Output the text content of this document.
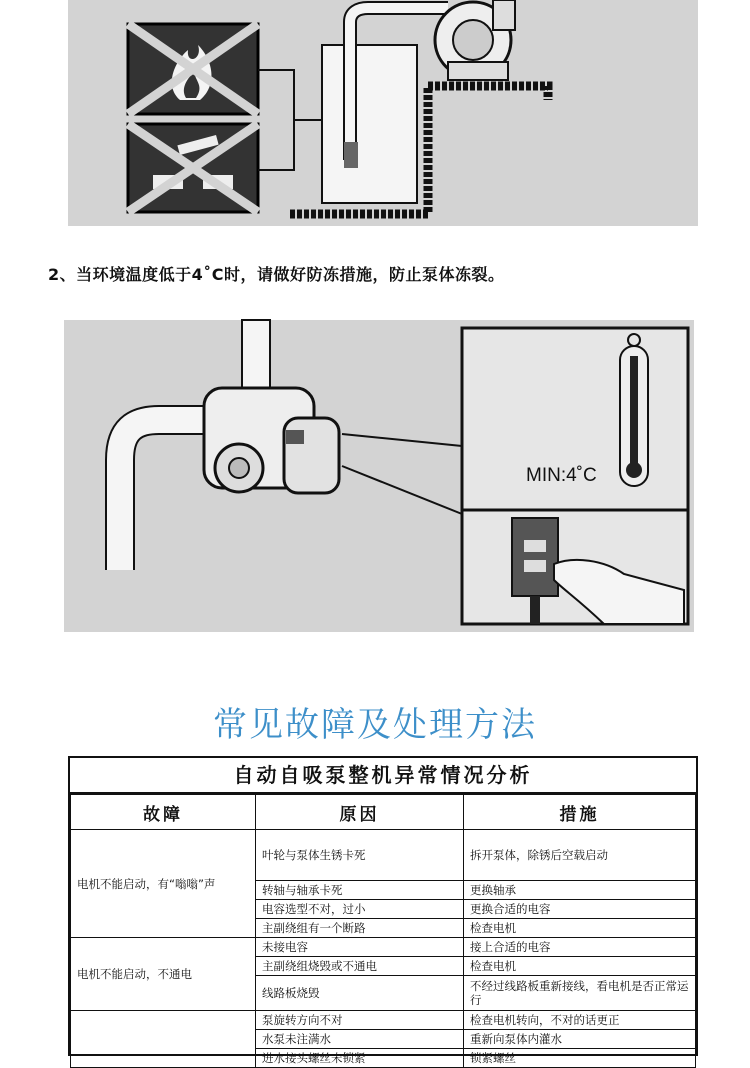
2、当环境温度低于4˚C时，请做好防冻措施，防止泵体冻裂。
MIN:4˚C
常见故障及处理方法
自动自吸泵整机异常情况分析
故障	原因	措施
电机不能启动，有“嗡嗡”声	叶轮与泵体生锈卡死	拆开泵体，除锈后空载启动
	转轴与轴承卡死	更换轴承
	电容选型不对，过小	更换合适的电容
	主副绕组有一个断路	检查电机
电机不能启动，不通电	未接电容	接上合适的电容
	主副绕组烧毁或不通电	检查电机
	线路板烧毁	不经过线路板重新接线，看电机是否正常运行
	泵旋转方向不对	检查电机转向，不对的话更正
	水泵未注满水	重新向泵体内灌水
	进水接头螺丝未锁紧	锁紧螺丝
